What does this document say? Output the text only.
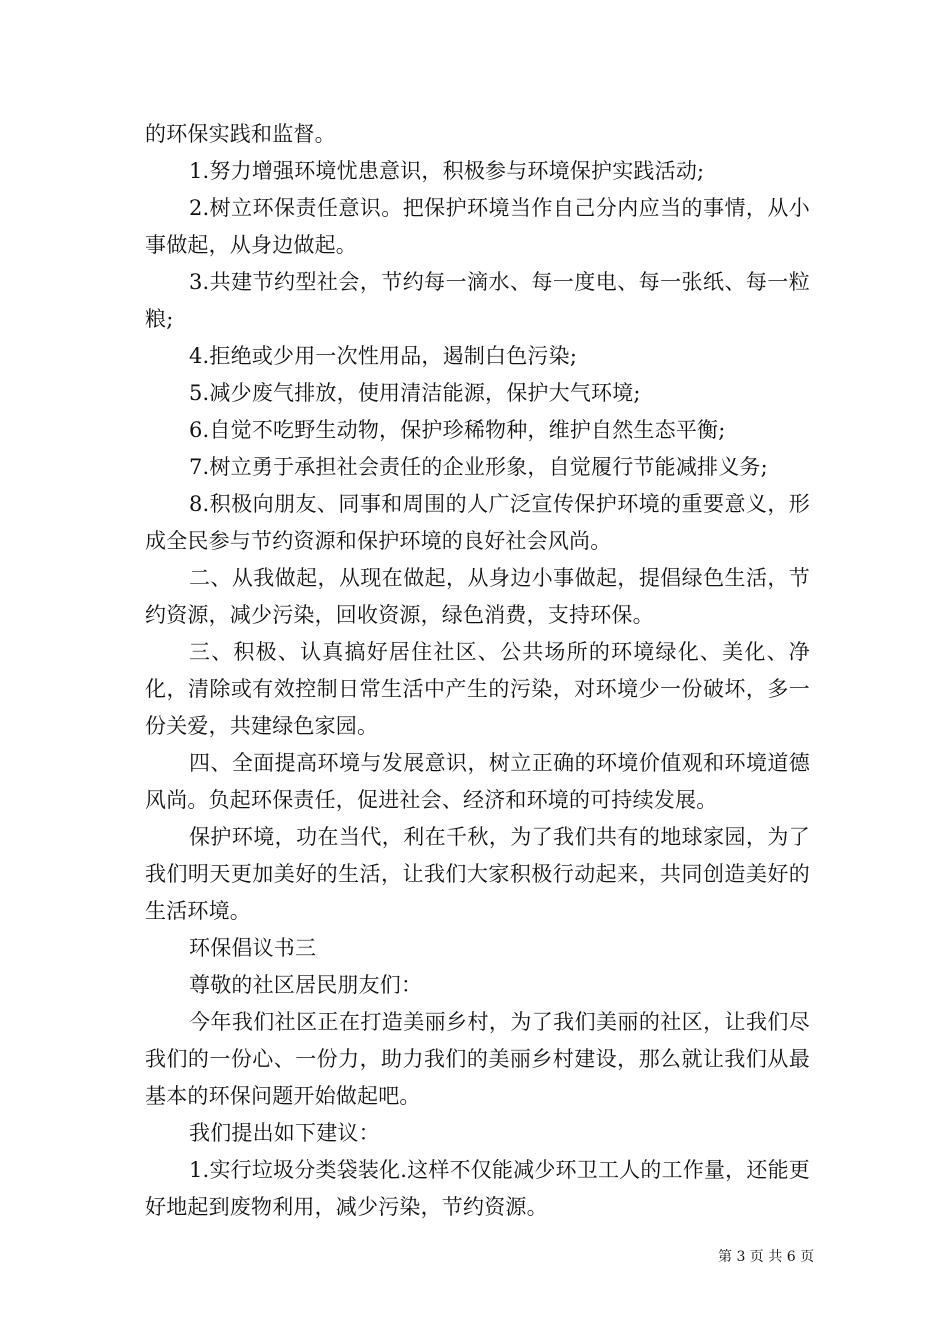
的环保实践和监督。

1.努力增强环境忧患意识，积极参与环境保护实践活动;

2.树立环保责任意识。把保护环境当作自己分内应当的事情，从小事做起，从身边做起。

3.共建节约型社会，节约每一滴水、每一度电、每一张纸、每一粒粮;

4.拒绝或少用一次性用品，遏制白色污染;

5.减少废气排放，使用清洁能源，保护大气环境;

6.自觉不吃野生动物，保护珍稀物种，维护自然生态平衡;

7.树立勇于承担社会责任的企业形象，自觉履行节能减排义务;

8.积极向朋友、同事和周围的人广泛宣传保护环境的重要意义，形成全民参与节约资源和保护环境的良好社会风尚。

二、从我做起，从现在做起，从身边小事做起，提倡绿色生活，节约资源，减少污染，回收资源，绿色消费，支持环保。

三、积极、认真搞好居住社区、公共场所的环境绿化、美化、净化，清除或有效控制日常生活中产生的污染，对环境少一份破坏，多一份关爱，共建绿色家园。

四、全面提高环境与发展意识，树立正确的环境价值观和环境道德风尚。负起环保责任，促进社会、经济和环境的可持续发展。

保护环境，功在当代，利在千秋，为了我们共有的地球家园，为了我们明天更加美好的生活，让我们大家积极行动起来，共同创造美好的生活环境。

环保倡议书三

尊敬的社区居民朋友们：

今年我们社区正在打造美丽乡村，为了我们美丽的社区，让我们尽我们的一份心、一份力，助力我们的美丽乡村建设，那么就让我们从最基本的环保问题开始做起吧。

我们提出如下建议：

1.实行垃圾分类袋装化.这样不仅能减少环卫工人的工作量，还能更好地起到废物利用，减少污染，节约资源。

第 3 页 共 6 页
